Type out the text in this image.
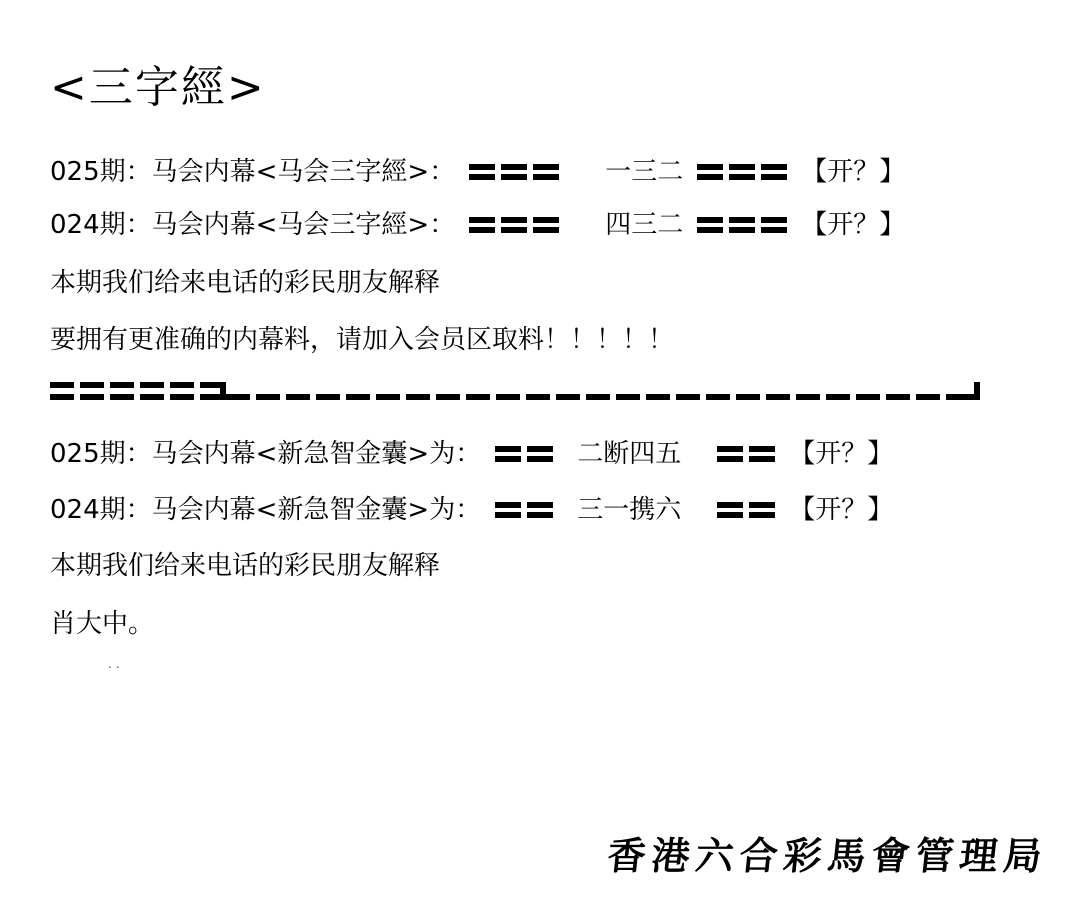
<三字經>
025期：马会内幕<马会三字經>：	一三二	【开？】
024期：马会内幕<马会三字經>：	四三二	【开？】
本期我们给来电话的彩民朋友解释
要拥有更准确的内幕料，请加入会员区取料！！！！！
025期：马会内幕<新急智金囊>为：	二断四五	【开？】
024期：马会内幕<新急智金囊>为：	三一携六	【开？】
本期我们给来电话的彩民朋友解释
肖大中。
..
香港六合彩馬會管理局
